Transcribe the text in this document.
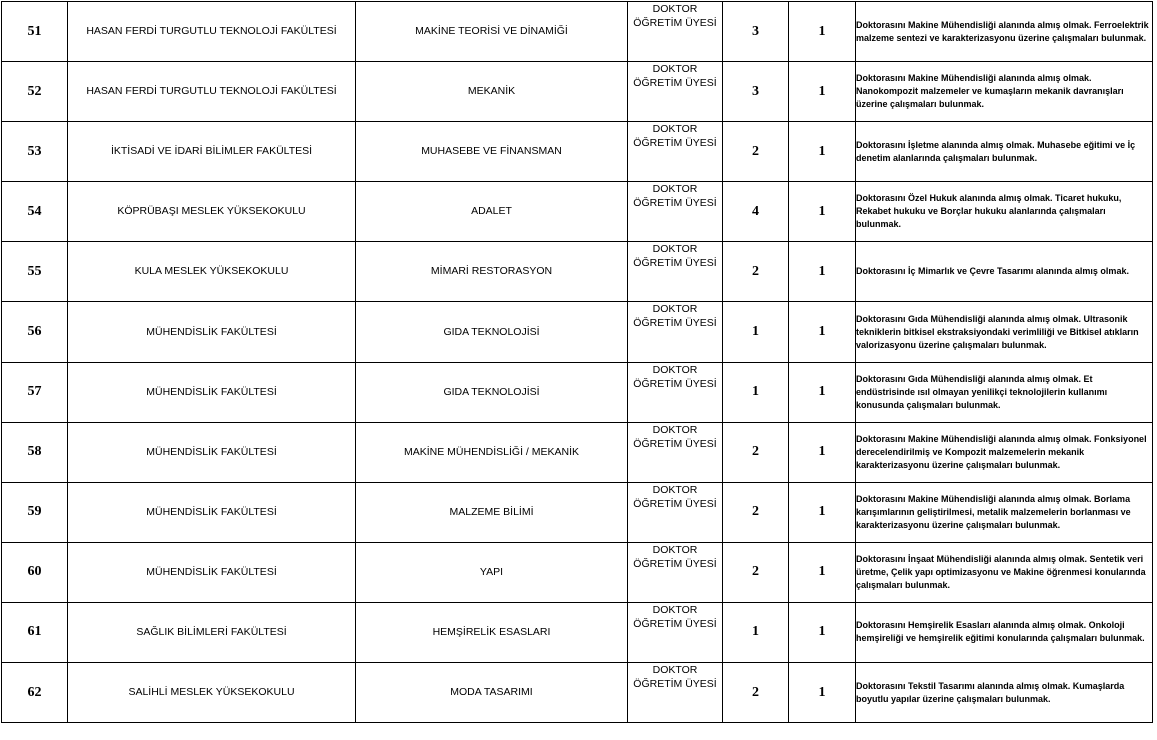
51	HASAN FERDİ TURGUTLU TEKNOLOJİ FAKÜLTESİ	MAKİNE TEORİSİ VE DİNAMİĞİ	DOKTOR ÖĞRETİM ÜYESİ	3	1	Doktorasını Makine Mühendisliği alanında almış olmak. Ferroelektrik malzeme sentezi ve karakterizasyonu üzerine çalışmaları bulunmak.
52	HASAN FERDİ TURGUTLU TEKNOLOJİ FAKÜLTESİ	MEKANİK	DOKTOR ÖĞRETİM ÜYESİ	3	1	Doktorasını Makine Mühendisliği alanında almış olmak. Nanokompozit malzemeler ve kumaşların mekanik davranışları üzerine çalışmaları bulunmak.
53	İKTİSADİ VE İDARİ BİLİMLER FAKÜLTESİ	MUHASEBE VE FİNANSMAN	DOKTOR ÖĞRETİM ÜYESİ	2	1	Doktorasını İşletme alanında almış olmak. Muhasebe eğitimi ve İç denetim alanlarında çalışmaları bulunmak.
54	KÖPRÜBAŞI MESLEK YÜKSEKOKULU	ADALET	DOKTOR ÖĞRETİM ÜYESİ	4	1	Doktorasını Özel Hukuk alanında almış olmak. Ticaret hukuku, Rekabet hukuku ve Borçlar hukuku alanlarında çalışmaları bulunmak.
55	KULA MESLEK YÜKSEKOKULU	MİMARİ RESTORASYON	DOKTOR ÖĞRETİM ÜYESİ	2	1	Doktorasını İç Mimarlık ve Çevre Tasarımı alanında almış olmak.
56	MÜHENDİSLİK FAKÜLTESİ	GIDA TEKNOLOJİSİ	DOKTOR ÖĞRETİM ÜYESİ	1	1	Doktorasını Gıda Mühendisliği alanında almış olmak. Ultrasonik tekniklerin bitkisel ekstraksiyondaki verimliliği ve Bitkisel atıkların valorizasyonu üzerine çalışmaları bulunmak.
57	MÜHENDİSLİK FAKÜLTESİ	GIDA TEKNOLOJİSİ	DOKTOR ÖĞRETİM ÜYESİ	1	1	Doktorasını Gıda Mühendisliği alanında almış olmak. Et endüstrisinde ısıl olmayan yenilikçi teknolojilerin kullanımı konusunda çalışmaları bulunmak.
58	MÜHENDİSLİK FAKÜLTESİ	MAKİNE MÜHENDİSLİĞİ / MEKANİK	DOKTOR ÖĞRETİM ÜYESİ	2	1	Doktorasını Makine Mühendisliği alanında almış olmak. Fonksiyonel derecelendirilmiş ve Kompozit malzemelerin mekanik karakterizasyonu üzerine çalışmaları bulunmak.
59	MÜHENDİSLİK FAKÜLTESİ	MALZEME BİLİMİ	DOKTOR ÖĞRETİM ÜYESİ	2	1	Doktorasını Makine Mühendisliği alanında almış olmak. Borlama karışımlarının geliştirilmesi, metalik malzemelerin borlanması ve karakterizasyonu üzerine çalışmaları bulunmak.
60	MÜHENDİSLİK FAKÜLTESİ	YAPI	DOKTOR ÖĞRETİM ÜYESİ	2	1	Doktorasını İnşaat Mühendisliği alanında almış olmak. Sentetik veri üretme, Çelik yapı optimizasyonu ve Makine öğrenmesi konularında çalışmaları bulunmak.
61	SAĞLIK BİLİMLERİ FAKÜLTESİ	HEMŞİRELİK ESASLARI	DOKTOR ÖĞRETİM ÜYESİ	1	1	Doktorasını Hemşirelik Esasları alanında almış olmak. Onkoloji hemşireliği ve hemşirelik eğitimi konularında çalışmaları bulunmak.
62	SALİHLİ MESLEK YÜKSEKOKULU	MODA TASARIMI	DOKTOR ÖĞRETİM ÜYESİ	2	1	Doktorasını Tekstil Tasarımı alanında almış olmak. Kumaşlarda boyutlu yapılar üzerine çalışmaları bulunmak.
